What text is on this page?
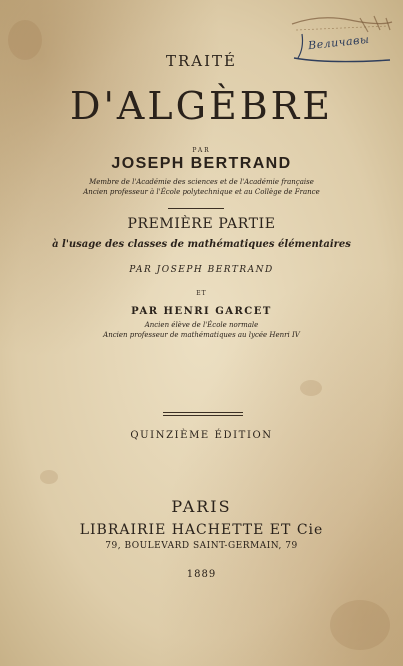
Величавы
TRAITÉ
D'ALGÈBRE
PAR
JOSEPH BERTRAND
Membre de l'Académie des sciences et de l'Académie française
Ancien professeur à l'École polytechnique et au Collège de France
PREMIÈRE PARTIE
à l'usage des classes de mathématiques élémentaires
PAR JOSEPH BERTRAND
ET
PAR HENRI GARCET
Ancien élève de l'École normale
Ancien professeur de mathématiques au lycée Henri IV
QUINZIÈME ÉDITION
PARIS
LIBRAIRIE HACHETTE ET Cie
79, BOULEVARD SAINT-GERMAIN, 79
1889
